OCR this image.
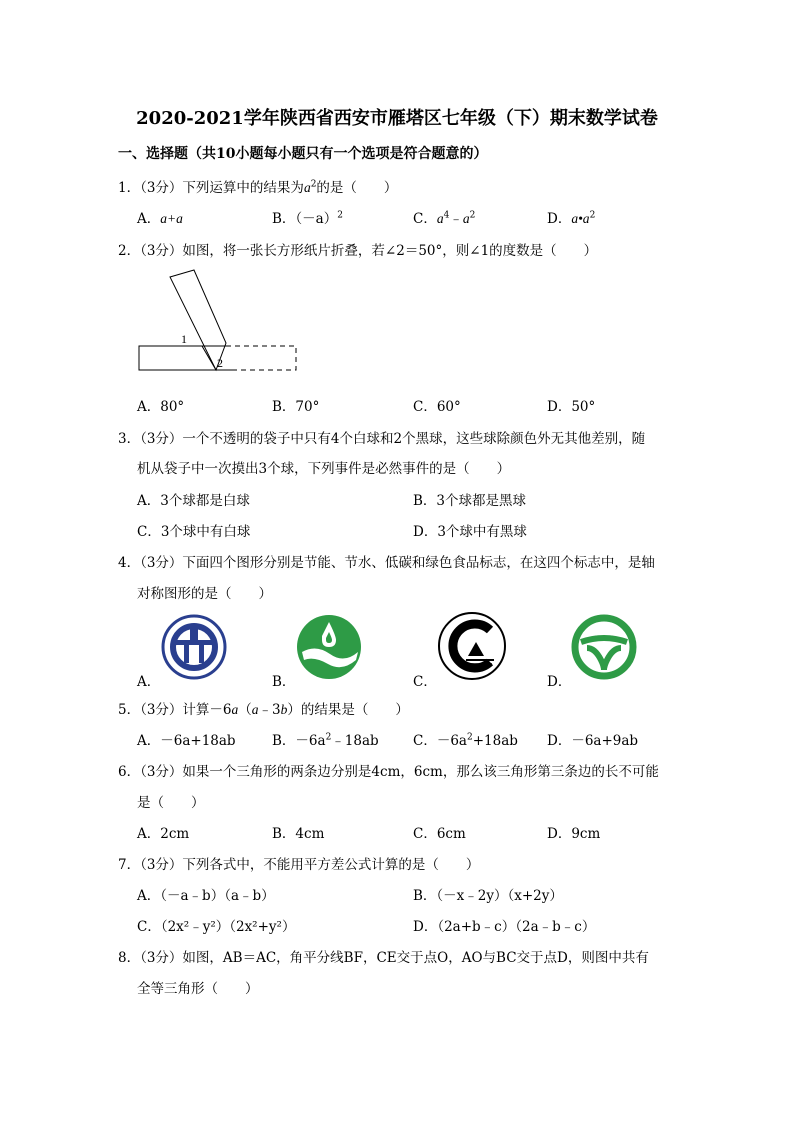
2020-2021学年陕西省西安市雁塔区七年级（下）期末数学试卷
一、选择题（共10小题每小题只有一个选项是符合题意的）
1．（3分）下列运算中的结果为$a^2$的是（　　）
A．a+a	B．$(-a)^2$	C．$a^4﹣a^2$	D．$a•a^2$
2．（3分）如图，将一张长方形纸片折叠，若∠2＝50°，则∠1的度数是（　　）
1
2
A．80°	B．70°	C．60°	D．50°
3．（3分）一个不透明的袋子中只有4个白球和2个黑球，这些球除颜色外无其他差别，随
机从袋子中一次摸出3个球，下列事件是必然事件的是（　　）
A．3个球都是白球	B．3个球都是黑球
C．3个球中有白球	D．3个球中有黑球
4．（3分）下面四个图形分别是节能、节水、低碳和绿色食品标志，在这四个标志中，是轴
对称图形的是（　　）
A．	B．	C．	D．
5．（3分）计算－6a（a﹣3b）的结果是（　　）
A．－6a+18ab	B．$-6a^2﹣18ab$	C．$-6a^2+18ab$ D．－6a+9ab
6．（3分）如果一个三角形的两条边分别是4cm，6cm，那么该三角形第三条边的长不可能
是（　　）
A．2cm	B．4cm	C．6cm	D．9cm
7．（3分）下列各式中，不能用平方差公式计算的是（　　）
A．（－a﹣b）（a﹣b）	B．（－x﹣2y）（x+2y）
C．（2x²﹣y²）（2x²+y²）	D．（2a+b﹣c）（2a﹣b﹣c）
8．（3分）如图，AB＝AC，角平分线BF，CE交于点O，AO与BC交于点D，则图中共有
全等三角形（　　）
